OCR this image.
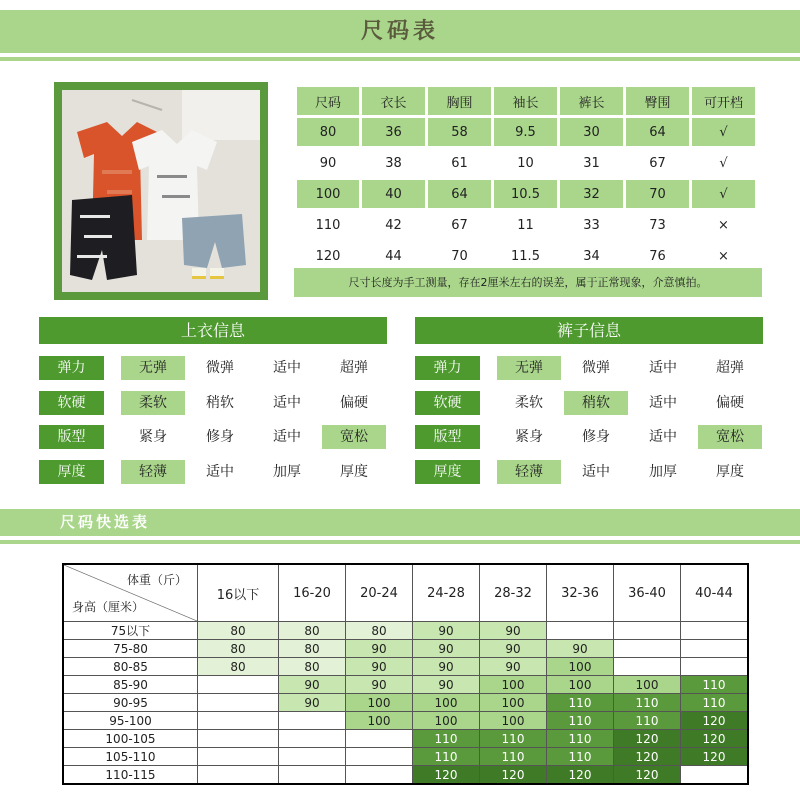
尺码表
尺码	衣长	胸围	袖长	裤长	臀围	可开档
80	36	58	9.5	30	64	√
90	38	61	10	31	67	√
100	40	64	10.5	32	70	√
110	42	67	11	33	73	×
120	44	70	11.5	34	76	×
尺寸长度为手工测量，存在2厘米左右的误差，属于正常现象，介意慎拍。
上衣信息
弹力	无弹	微弹	适中	超弹
软硬	柔软	稍软	适中	偏硬
版型	紧身	修身	适中	宽松
厚度	轻薄	适中	加厚	厚度
裤子信息
弹力	无弹	微弹	适中	超弹
软硬	柔软	稍软	适中	偏硬
版型	紧身	修身	适中	宽松
厚度	轻薄	适中	加厚	厚度
尺码快选表
体重（斤）
身高（厘米）	16以下	16-20	20-24	24-28	28-32	32-36	36-40	40-44
75以下	80	80	80	90	90			
75-80	80	80	90	90	90	90		
80-85	80	80	90	90	90	100		
85-90		90	90	90	100	100	100	110
90-95		90	100	100	100	110	110	110
95-100			100	100	100	110	110	120
100-105				110	110	110	120	120
105-110				110	110	110	120	120
110-115				120	120	120	120	
